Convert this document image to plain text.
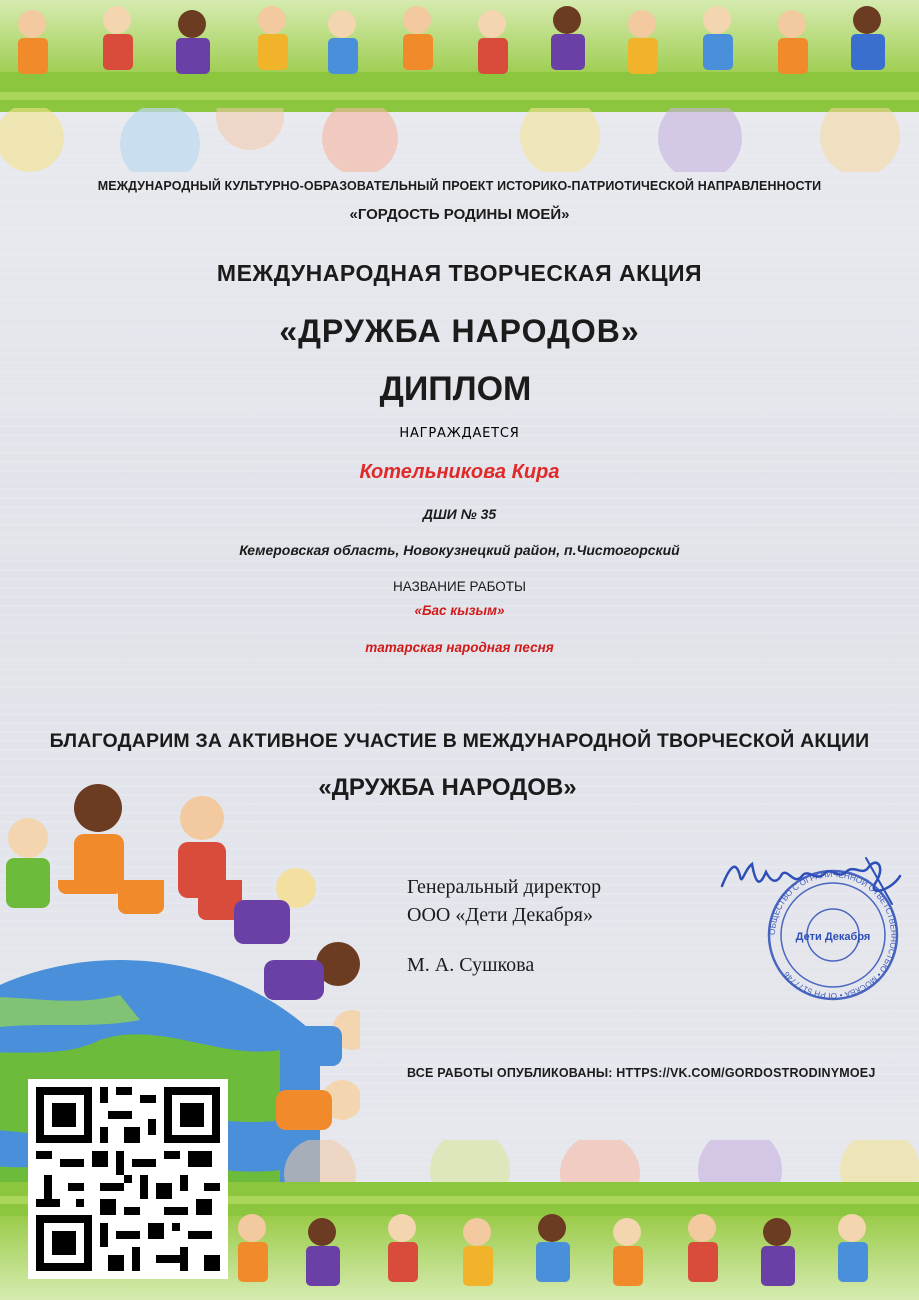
МЕЖДУНАРОДНЫЙ КУЛЬТУРНО-ОБРАЗОВАТЕЛЬНЫЙ ПРОЕКТ ИСТОРИКО-ПАТРИОТИЧЕСКОЙ НАПРАВЛЕННОСТИ

«ГОРДОСТЬ РОДИНЫ МОЕЙ»

МЕЖДУНАРОДНАЯ ТВОРЧЕСКАЯ АКЦИЯ

«ДРУЖБА НАРОДОВ»

ДИПЛОМ

НАГРАЖДАЕТСЯ

Котельникова Кира

ДШИ № 35

Кемеровская область, Новокузнецкий район, п.Чистогорский

НАЗВАНИЕ РАБОТЫ

«Бас кызым»

татарская народная песня

БЛАГОДАРИМ ЗА АКТИВНОЕ УЧАСТИЕ В МЕЖДУНАРОДНОЙ ТВОРЧЕСКОЙ АКЦИИ

«ДРУЖБА НАРОДОВ»

Генеральный директор

ООО «Дети Декабря»

М. А. Сушкова

ОБЩЕСТВО С ОГРАНИЧЕННОЙ ОТВЕТСТВЕННОСТЬЮ • МОСКВА • ОГРН 5177746
Дети Декабря

ВСЕ РАБОТЫ ОПУБЛИКОВАНЫ: HTTPS://VK.COM/GORDOSTRODINYMOEJ
